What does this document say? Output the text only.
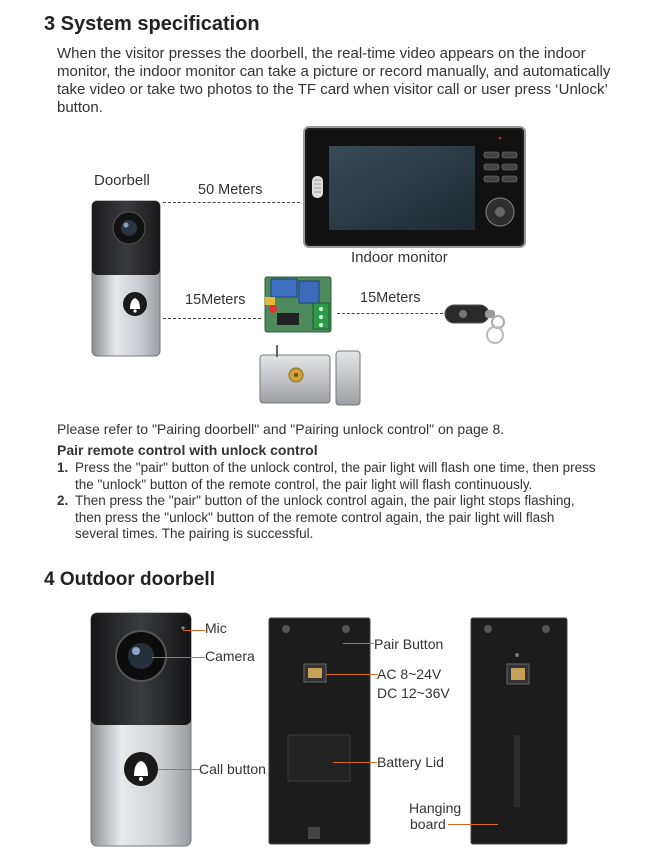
3 System specification
When the visitor presses the doorbell, the real-time video appears on the indoor monitor, the indoor monitor can take a picture or record manually, and automatically take video or take two photos to the TF card when visitor call or user press ‘Unlock’ button.
Doorbell
50 Meters
Indoor monitor
15Meters	15Meters
Please refer to "Pairing doorbell" and "Pairing unlock control" on page 8.
Pair remote control with unlock control
1. Press the "pair" button of the unlock control, the pair light will flash one time, then press the "unlock" button of the remote control, the pair light will flash continuously.
2. Then press the "pair" button of the unlock control again, the pair light stops flashing, then press the "unlock" button of the remote control again, the pair light will flash several times. The pairing is successful.
4 Outdoor doorbell
Mic
Camera
Call button
Pair Button
AC 8~24V
DC 12~36V
Battery Lid
Hanging
board
